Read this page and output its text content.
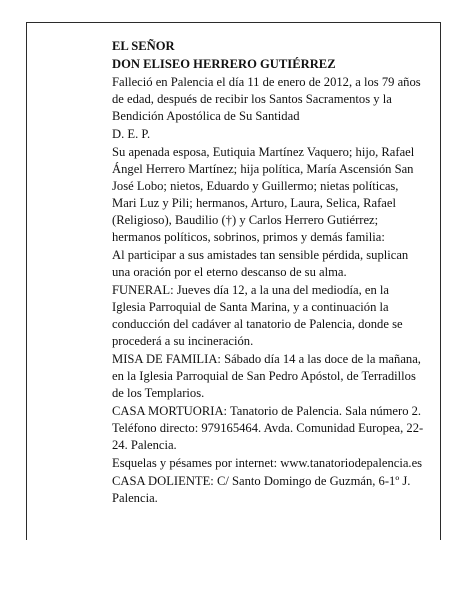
EL SEÑOR

DON ELISEO HERRERO GUTIÉRREZ

Falleció en Palencia el día 11 de enero de 2012, a los 79 años de edad, después de recibir los Santos Sacramentos y la Bendición Apostólica de Su Santidad

D. E. P.

Su apenada esposa, Eutiquia Martínez Vaquero; hijo, Rafael Ángel Herrero Martínez; hija política, María Ascensión San José Lobo; nietos, Eduardo y Guillermo; nietas políticas, Mari Luz y Pili; hermanos, Arturo, Laura, Selica, Rafael (Religioso), Baudilio (†) y Carlos Herrero Gutiérrez; hermanos políticos, sobrinos, primos y demás familia:

Al participar a sus amistades tan sensible pérdida, suplican una oración por el eterno descanso de su alma.

FUNERAL: Jueves día 12, a la una del mediodía, en la Iglesia Parroquial de Santa Marina, y a continuación la conducción del cadáver al tanatorio de Palencia, donde se procederá a su incineración.

MISA DE FAMILIA: Sábado día 14 a las doce de la mañana, en la Iglesia Parroquial de San Pedro Apóstol, de Terradillos de los Templarios.

CASA MORTUORIA: Tanatorio de Palencia. Sala número 2. Teléfono directo: 979165464. Avda. Comunidad Europea, 22-24. Palencia.

Esquelas y pésames por internet: www.tanatoriodepalencia.es

CASA DOLIENTE: C/ Santo Domingo de Guzmán, 6-1º J. Palencia.
